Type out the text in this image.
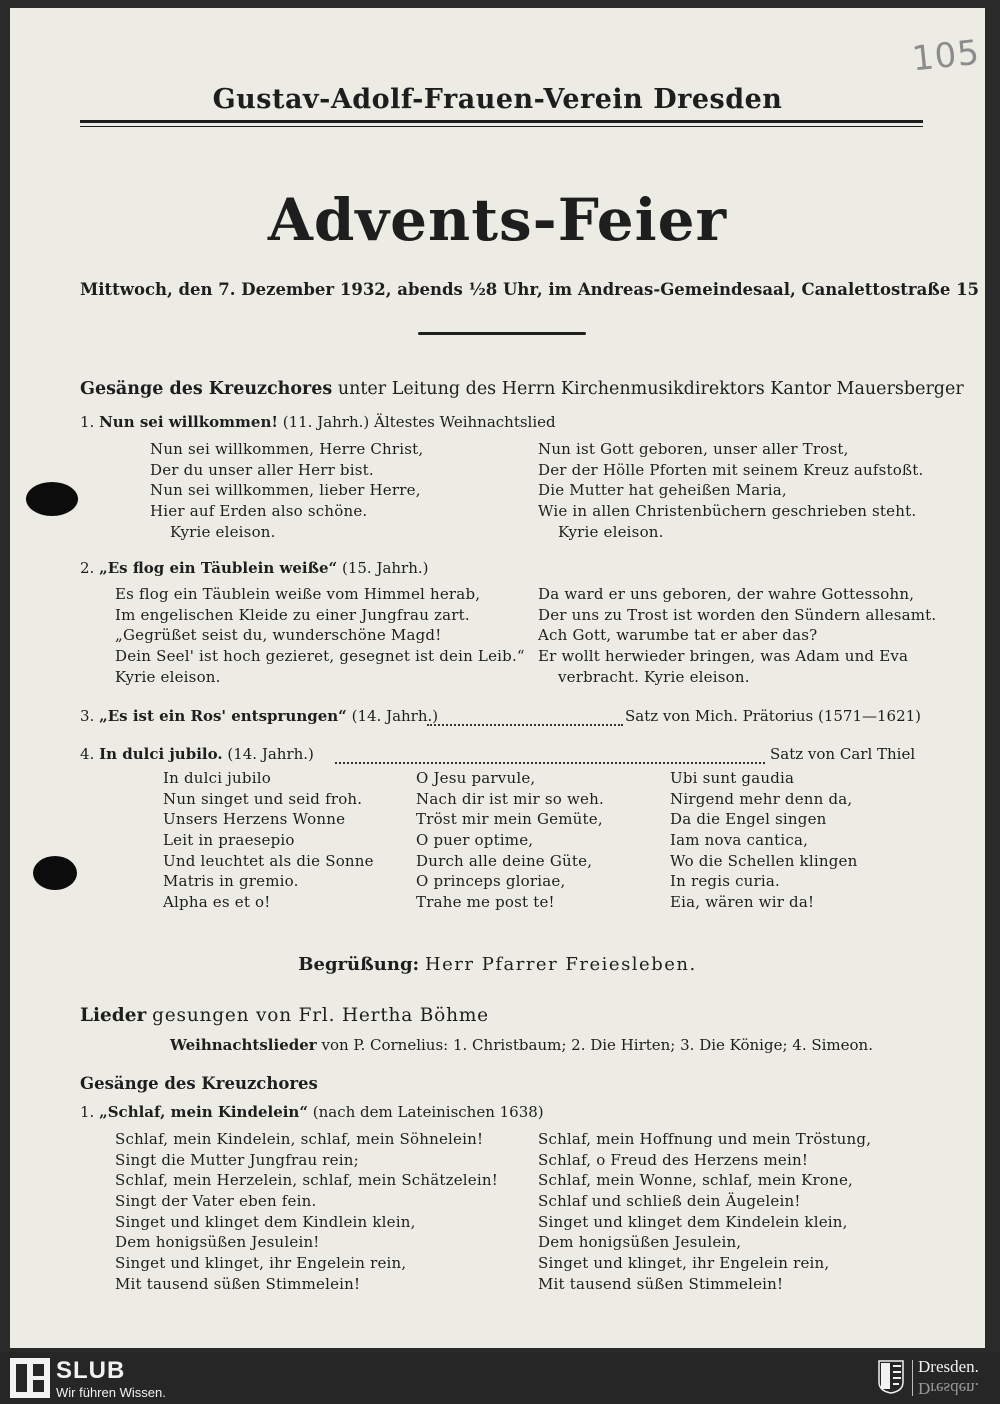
105
Gustav-Adolf-Frauen-Verein Dresden
Advents-Feier
Mittwoch, den 7. Dezember 1932, abends ½8 Uhr, im Andreas-Gemeindesaal, Canalettostraße 15
Gesänge des Kreuzchores unter Leitung des Herrn Kirchenmusikdirektors Kantor Mauersberger
1. Nun sei willkommen! (11. Jahrh.) Ältestes Weihnachtslied
Nun sei willkommen, Herre Christ,
Der du unser aller Herr bist.
Nun sei willkommen, lieber Herre,
Hier auf Erden also schöne.
Kyrie eleison.
Nun ist Gott geboren, unser aller Trost,
Der der Hölle Pforten mit seinem Kreuz aufstoßt.
Die Mutter hat geheißen Maria,
Wie in allen Christenbüchern geschrieben steht.
Kyrie eleison.
2. „Es flog ein Täublein weiße“ (15. Jahrh.)
Es flog ein Täublein weiße vom Himmel herab,
Im engelischen Kleide zu einer Jungfrau zart.
„Gegrüßet seist du, wunderschöne Magd!
Dein Seel' ist hoch gezieret, gesegnet ist dein Leib.“
Kyrie eleison.
Da ward er uns geboren, der wahre Gottessohn,
Der uns zu Trost ist worden den Sündern allesamt.
Ach Gott, warumbe tat er aber das?
Er wollt herwieder bringen, was Adam und Eva
verbracht. Kyrie eleison.
3. „Es ist ein Ros' entsprungen“ (14. Jahrh.)	Satz von Mich. Prätorius (1571—1621)
4. In dulci jubilo. (14. Jahrh.)	Satz von Carl Thiel
In dulci jubilo
Nun singet und seid froh.
Unsers Herzens Wonne
Leit in praesepio
Und leuchtet als die Sonne
Matris in gremio.
Alpha es et o!
O Jesu parvule,
Nach dir ist mir so weh.
Tröst mir mein Gemüte,
O puer optime,
Durch alle deine Güte,
O princeps gloriae,
Trahe me post te!
Ubi sunt gaudia
Nirgend mehr denn da,
Da die Engel singen
Iam nova cantica,
Wo die Schellen klingen
In regis curia.
Eia, wären wir da!
Begrüßung: Herr Pfarrer Freiesleben.
Lieder gesungen von Frl. Hertha Böhme
Weihnachtslieder von P. Cornelius: 1. Christbaum; 2. Die Hirten; 3. Die Könige; 4. Simeon.
Gesänge des Kreuzchores
1. „Schlaf, mein Kindelein“ (nach dem Lateinischen 1638)
Schlaf, mein Kindelein, schlaf, mein Söhnelein!
Singt die Mutter Jungfrau rein;
Schlaf, mein Herzelein, schlaf, mein Schätzelein!
Singt der Vater eben fein.
Singet und klinget dem Kindlein klein,
Dem honigsüßen Jesulein!
Singet und klinget, ihr Engelein rein,
Mit tausend süßen Stimmelein!
Schlaf, mein Hoffnung und mein Tröstung,
Schlaf, o Freud des Herzens mein!
Schlaf, mein Wonne, schlaf, mein Krone,
Schlaf und schließ dein Äugelein!
Singet und klinget dem Kindelein klein,
Dem honigsüßen Jesulein,
Singet und klinget, ihr Engelein rein,
Mit tausend süßen Stimmelein!
SLUB
Wir führen Wissen.
Dresden.
Dresden.
